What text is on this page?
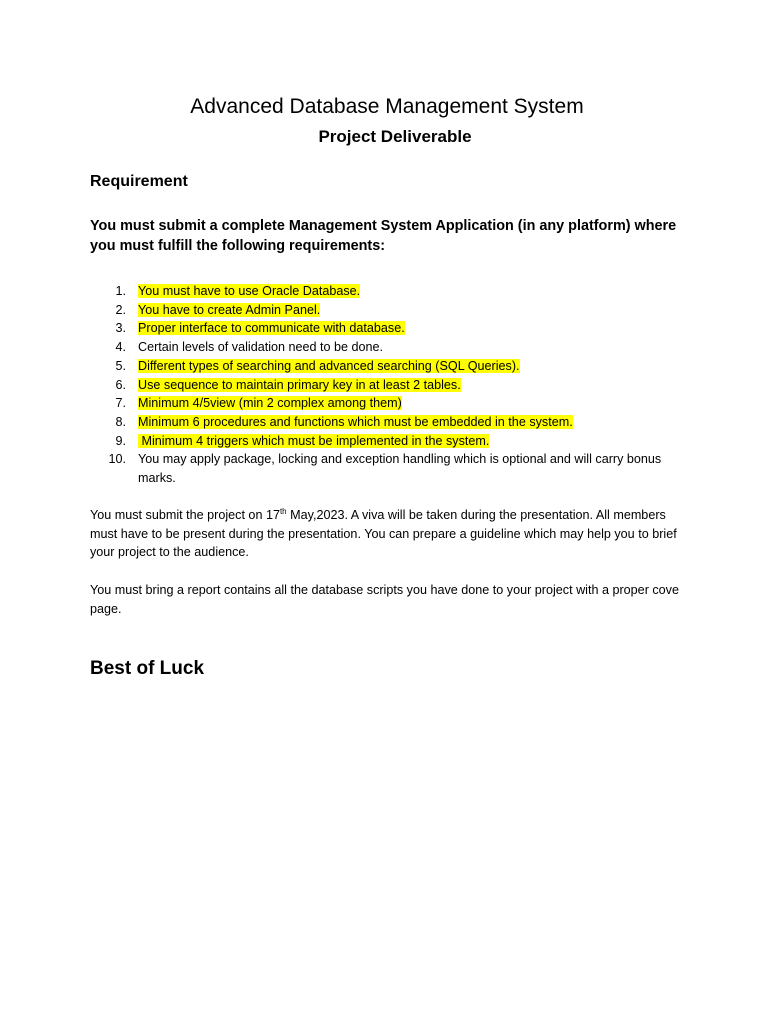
Advanced Database Management System
Project Deliverable
Requirement
You must submit a complete Management System Application (in any platform) where you must fulfill the following requirements:
1. You must have to use Oracle Database.
2. You have to create Admin Panel.
3. Proper interface to communicate with database.
4. Certain levels of validation need to be done.
5. Different types of searching and advanced searching (SQL Queries).
6. Use sequence to maintain primary key in at least 2 tables.
7. Minimum 4/5view (min 2 complex among them)
8. Minimum 6 procedures and functions which must be embedded in the system.
9. Minimum 4 triggers which must be implemented in the system.
10. You may apply package, locking and exception handling which is optional and will carry bonus marks.
You must submit the project on 17th May,2023. A viva will be taken during the presentation. All members must have to be present during the presentation. You can prepare a guideline which may help you to brief your project to the audience.
You must bring a report contains all the database scripts you have done to your project with a proper cove page.
Best of Luck
